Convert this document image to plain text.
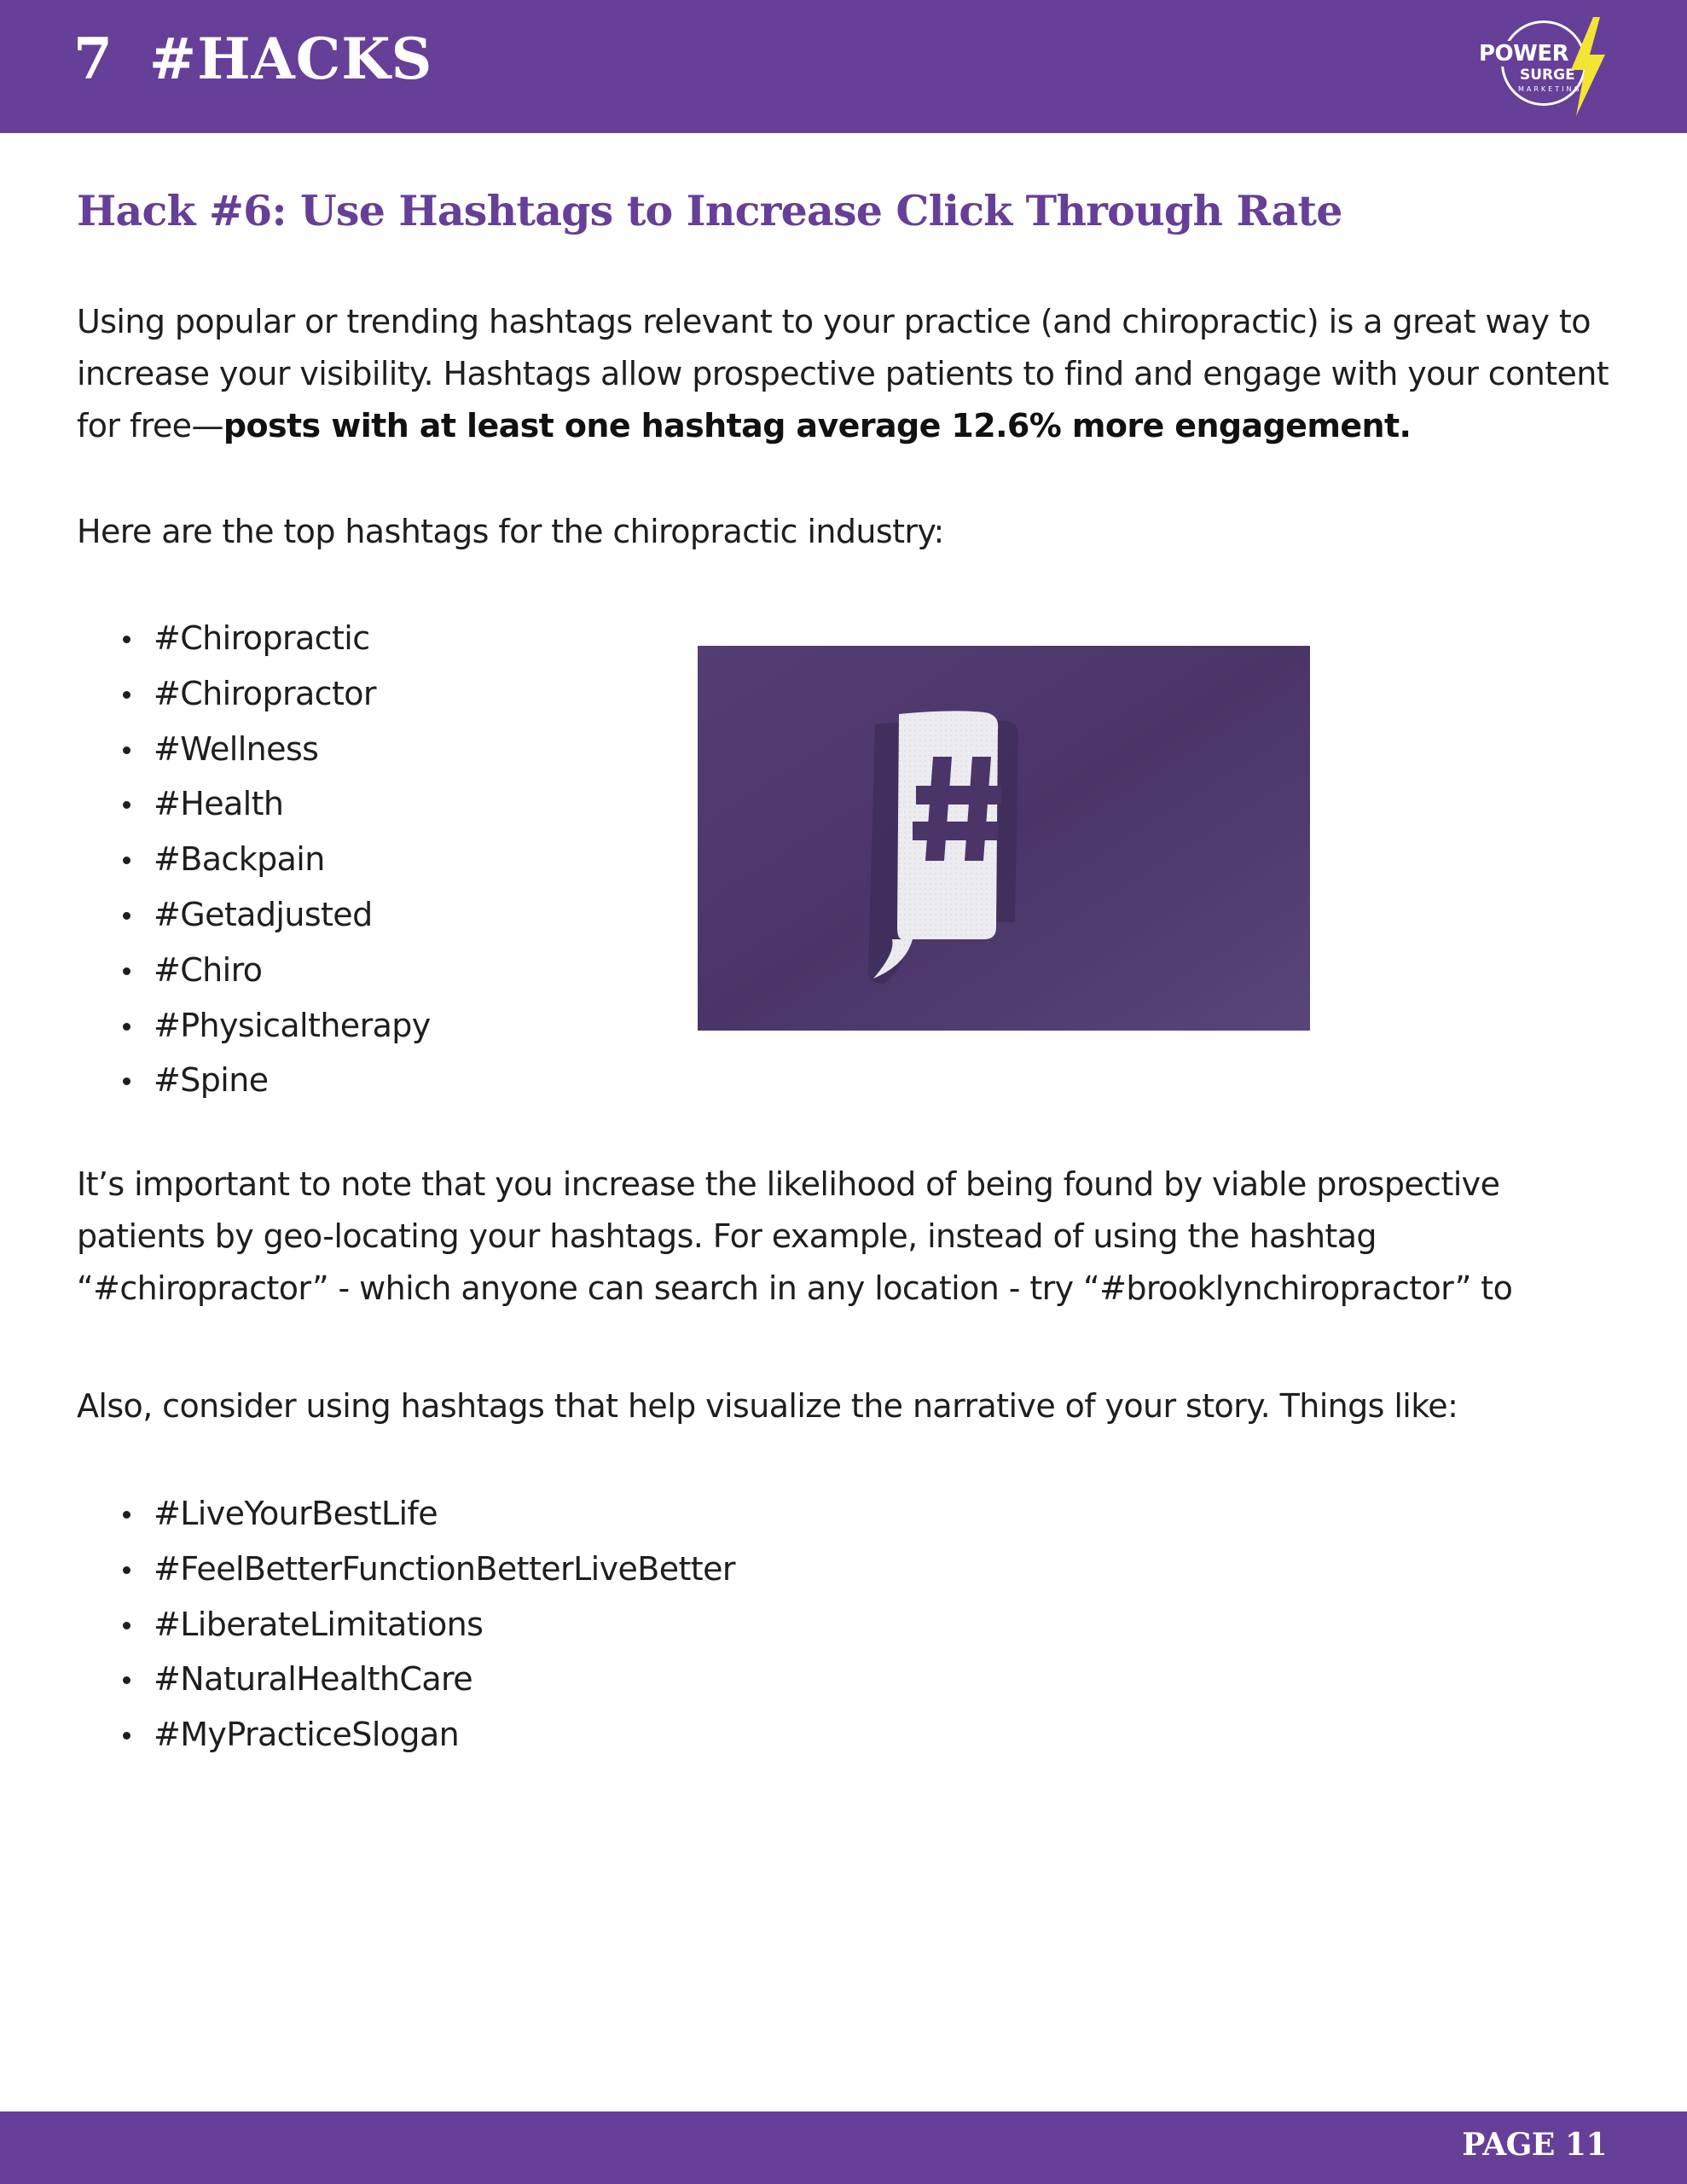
7 #HACKS	POWER
SURGE
MARKETING
Hack #6: Use Hashtags to Increase Click Through Rate

Using popular or trending hashtags relevant to your practice (and chiropractic) is a great way to increase your visibility. Hashtags allow prospective patients to find and engage with your content for free—posts with at least one hashtag average 12.6% more engagement.

Here are the top hashtags for the chiropractic industry:

#Chiropractic
#Chiropractor
#Wellness
#Health
#Backpain
#Getadjusted
#Chiro
#Physicaltherapy
#Spine

It’s important to note that you increase the likelihood of being found by viable prospective patients by geo-locating your hashtags. For example, instead of using the hashtag “#chiropractor” - which anyone can search in any location - try “#brooklynchiropractor” to

Also, consider using hashtags that help visualize the narrative of your story. Things like:

#LiveYourBestLife
#FeelBetterFunctionBetterLiveBetter
#LiberateLimitations
#NaturalHealthCare
#MyPracticeSlogan
PAGE 11
